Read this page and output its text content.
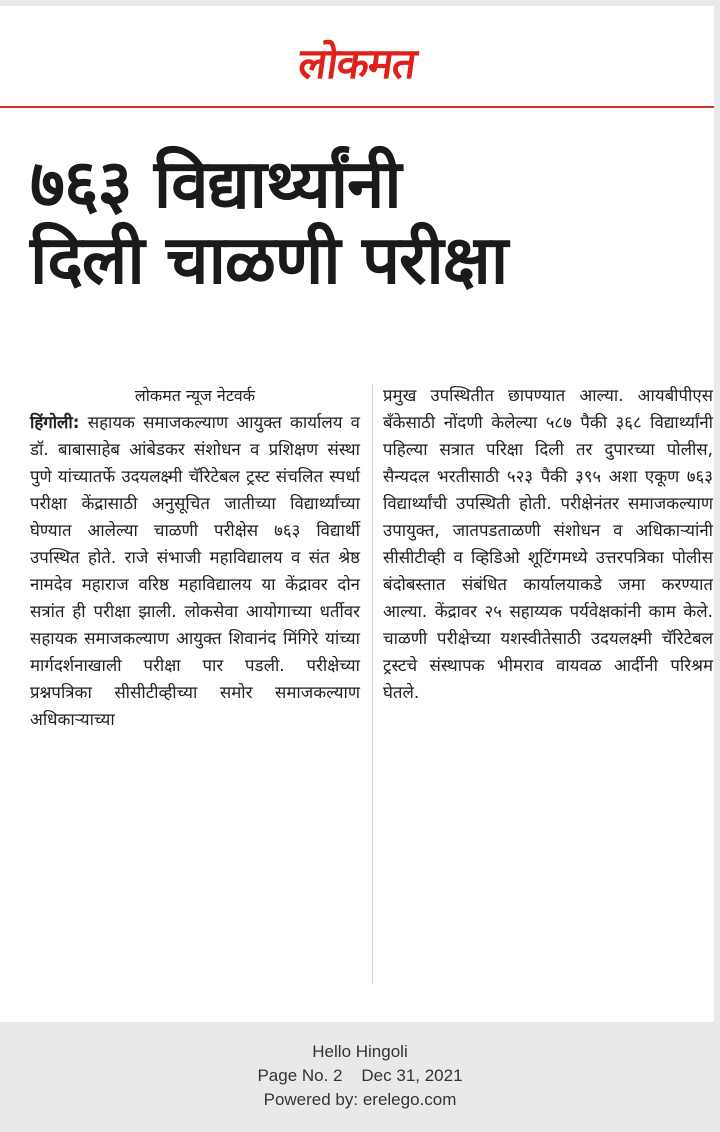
लोकमत
७६३ विद्यार्थ्यांनी
दिली चाळणी परीक्षा
लोकमत न्यूज नेटवर्क

हिंगोली: सहायक समाजकल्याण आयुक्त कार्यालय व डॉ. बाबासाहेब आंबेडकर संशोधन व प्रशिक्षण संस्था पुणे यांच्यातर्फे उदयलक्ष्मी चॅरिटेबल ट्रस्ट संचलित स्पर्धा परीक्षा केंद्रासाठी अनुसूचित जातीच्या विद्यार्थ्यांच्या घेण्यात आलेल्या चाळणी परीक्षेस ७६३ विद्यार्थी उपस्थित होते. राजे संभाजी महाविद्यालय व संत श्रेष्ठ नामदेव महाराज वरिष्ठ महाविद्यालय या केंद्रावर दोन सत्रांत ही परीक्षा झाली. लोकसेवा आयोगाच्या धर्तीवर सहायक समाजकल्याण आयुक्त शिवानंद मिंगिरे यांच्या मार्गदर्शनाखाली परीक्षा पार पडली. परीक्षेच्या प्रश्नपत्रिका सीसीटीव्हीच्या समोर समाजकल्याण अधिकाऱ्याच्या

प्रमुख उपस्थितीत छापण्यात आल्या. आयबीपीएस बँकेसाठी नोंदणी केलेल्या ५८७ पैकी ३६८ विद्यार्थ्यांनी पहिल्या सत्रात परिक्षा दिली तर दुपारच्या पोलीस, सैन्यदल भरतीसाठी ५२३ पैकी ३९५ अशा एकूण ७६३ विद्यार्थ्यांची उपस्थिती होती. परीक्षेनंतर समाजकल्याण उपायुक्त, जातपडताळणी संशोधन व अधिकाऱ्यांनी सीसीटीव्ही व व्हिडिओ शूटिंगमध्ये उत्तरपत्रिका पोलीस बंदोबस्तात संबंधित कार्यालयाकडे जमा करण्यात आल्या. केंद्रावर २५ सहाय्यक पर्यवेक्षकांनी काम केले. चाळणी परीक्षेच्या यशस्वीतेसाठी उदयलक्ष्मी चॅरिटेबल ट्रस्टचे संस्थापक भीमराव वायवळ आर्दीनी परिश्रम घेतले.

Hello Hingoli
Page No. 2    Dec 31, 2021
Powered by: erelego.com
